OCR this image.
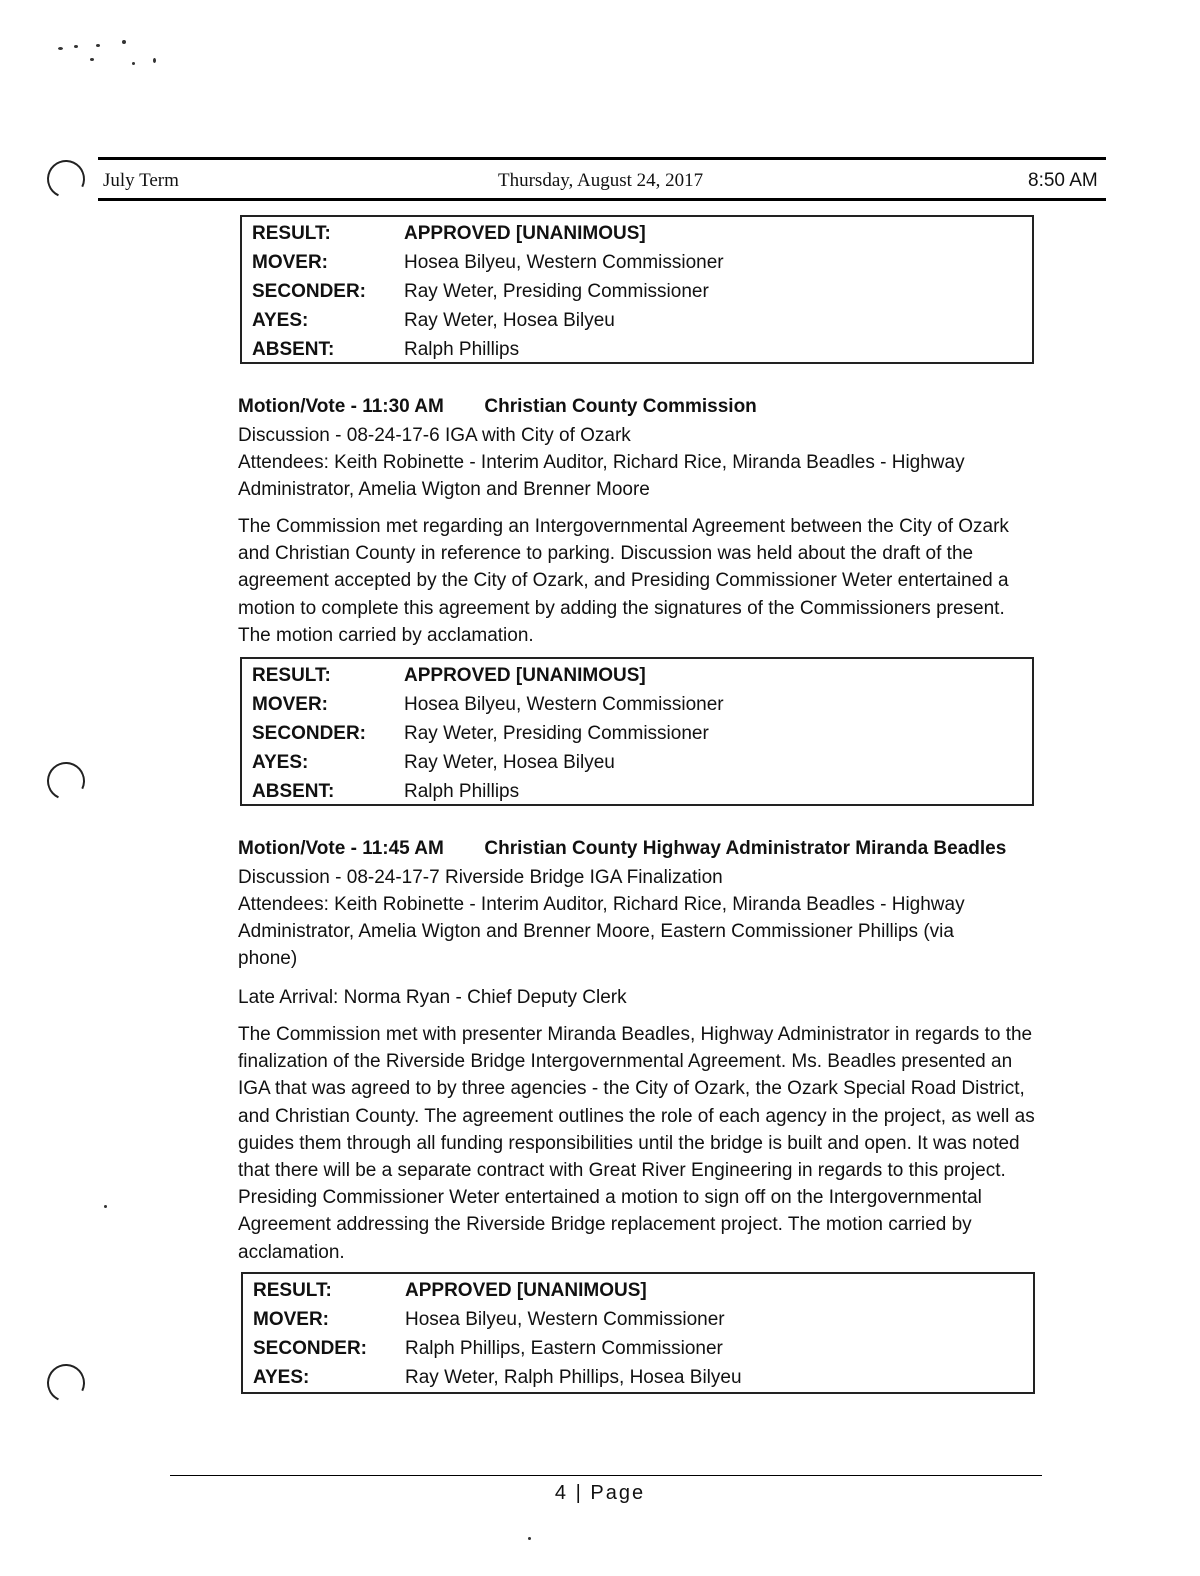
July Term	Thursday, August 24, 2017	8:50 AM
RESULT:	APPROVED [UNANIMOUS]
MOVER:	Hosea Bilyeu, Western Commissioner
SECONDER: Ray Weter, Presiding Commissioner
AYES:	Ray Weter, Hosea Bilyeu
ABSENT:	Ralph Phillips
Motion/Vote - 11:30 AM Christian County Commission
Discussion - 08-24-17-6 IGA with City of Ozark
Attendees: Keith Robinette - Interim Auditor, Richard Rice, Miranda Beadles - Highway
Administrator, Amelia Wigton and Brenner Moore
The Commission met regarding an Intergovernmental Agreement between the City of Ozark and Christian County in reference to parking. Discussion was held about the draft of the agreement accepted by the City of Ozark, and Presiding Commissioner Weter entertained a motion to complete this agreement by adding the signatures of the Commissioners present. The motion carried by acclamation.
RESULT:	APPROVED [UNANIMOUS]
MOVER:	Hosea Bilyeu, Western Commissioner
SECONDER: Ray Weter, Presiding Commissioner
AYES:	Ray Weter, Hosea Bilyeu
ABSENT:	Ralph Phillips
Motion/Vote - 11:45 AM Christian County Highway Administrator Miranda Beadles
Discussion - 08-24-17-7 Riverside Bridge IGA Finalization
Attendees: Keith Robinette - Interim Auditor, Richard Rice, Miranda Beadles - Highway
Administrator, Amelia Wigton and Brenner Moore, Eastern Commissioner Phillips (via
phone)
Late Arrival: Norma Ryan - Chief Deputy Clerk
The Commission met with presenter Miranda Beadles, Highway Administrator in regards to the finalization of the Riverside Bridge Intergovernmental Agreement. Ms. Beadles presented an IGA that was agreed to by three agencies - the City of Ozark, the Ozark Special Road District, and Christian County. The agreement outlines the role of each agency in the project, as well as guides them through all funding responsibilities until the bridge is built and open. It was noted that there will be a separate contract with Great River Engineering in regards to this project. Presiding Commissioner Weter entertained a motion to sign off on the Intergovernmental Agreement addressing the Riverside Bridge replacement project. The motion carried by acclamation.
RESULT:	APPROVED [UNANIMOUS]
MOVER:	Hosea Bilyeu, Western Commissioner
SECONDER: Ralph Phillips, Eastern Commissioner
AYES:	Ray Weter, Ralph Phillips, Hosea Bilyeu
4 | Page
